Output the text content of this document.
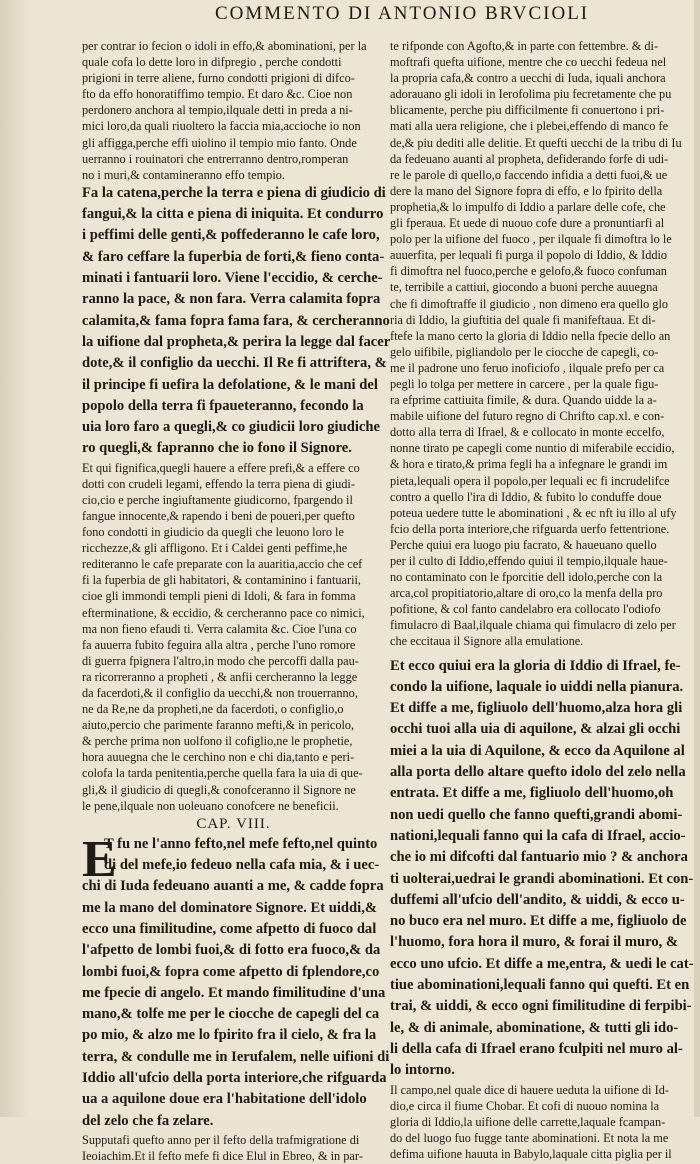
COMMENTO DI ANTONIO BRVCIOLI
per contrar io fecion o idoli in effo,& abominationi, per la
quale cofa lo dette loro in difpregio , perche condotti
prigioni in terre aliene, furno condotti prigioni di difco‑
fto da effo honoratiffimo tempio. Et daro &c. Cioe non
perdonero anchora al tempio,ilquale detti in preda a ni‑
mici loro,da quali riuoltero la faccia mia,accioche io non
gli affigga,perche effi uiolino il tempio mio fanto. Onde
uerranno i rouinatori che entrerranno dentro,romperan
no i muri,& contamineranno effo tempio.
Fa la catena,perche la terra e piena di giudicio di
fangui,& la citta e piena di iniquita. Et condurro
i peffimi delle genti,& poffederanno le cafe loro,
& faro ceffare la fuperbia de forti,& fieno conta‑
minati i fantuarii loro. Viene l'eccidio, & cerche‑
ranno la pace, & non fara. Verra calamita fopra
calamita,& fama fopra fama fara, & cercheranno
la uifione dal propheta,& perira la legge dal facer
dote,& il configlio da uecchi. Il Re fi attriftera, &
il principe fi uefira la defolatione, & le mani del
popolo della terra fi fpaueteranno, fecondo la
uia loro faro a quegli,& co giudicii loro giudiche
ro quegli,& fapranno che io fono il Signore.
Et qui fignifica,quegli hauere a effere prefi,& a effere co
dotti con crudeli legami, effendo la terra piena di giudi‑
cio,cio e perche ingiuftamente giudicorno, fpargendo il
fangue innocente,& rapendo i beni de poueri,per quefto
fono condotti in giudicio da quegli che leuono loro le
ricchezze,& gli affligono. Et i Caldei genti peffime,he
rediteranno le cafe preparate con la auaritia,accio che cef
fi la fuperbia de gli habitatori, & contaminino i fantuarii,
cioe gli immondi templi pieni di Idoli, & fara in fomma
efterminatione, & eccidio, & cercheranno pace co nimici,
ma non fieno efaudi ti. Verra calamita &c. Cioe l'una co
fa auuerra fubito feguira alla altra , perche l'uno romore
di guerra fpignera l'altro,in modo che percoffi dalla pau‑
ra ricorreranno a propheti , & anfii cercheranno la legge
da facerdoti,& il configlio da uecchi,& non trouerranno,
ne da Re,ne da propheti,ne da facerdoti, o configlio,o
aiuto,percio che parimente faranno mefti,& in pericolo,
& perche prima non uolfono il cofiglio,ne le prophetie,
hora auuegna che le cerchino non e chi dia,tanto e peri‑
colofa la tarda penitentia,perche quella fara la uia di que‑
gli,& il giudicio di quegli,& conofceranno il Signore ne
le pene,ilquale non uoleuano conofcere ne beneficii.
CAP. VIII.
E
T fu ne l'anno fefto,nel mefe fefto,nel quinto
di del mefe,io fedeuo nella cafa mia, & i uec‑
chi di Iuda fedeuano auanti a me, & cadde fopra
me la mano del dominatore Signore. Et uiddi,&
ecco una fimilitudine, come afpetto di fuoco dal
l'afpetto de lombi fuoi,& di fotto era fuoco,& da
lombi fuoi,& fopra come afpetto di fplendore,co
me fpecie di angelo. Et mando fimilitudine d'una
mano,& tolfe me per le ciocche de capegli del ca
po mio, & alzo me lo fpirito fra il cielo, & fra la
terra, & condulle me in Ierufalem, nelle uifioni di
Iddio all'ufcio della porta interiore,che rifguarda
ua a aquilone doue era l'habitatione dell'idolo
del zelo che fa zelare.
Supputafi quefto anno per il fefto della trafmigratione di
Ieoiachim.Et il fefto mefe fi dice Elul in Ebreo, & in par‑
te rifponde con Agofto,& in parte con fettembre. & di‑
moftrafi quefta uifione, mentre che co uecchi fedeua nel
la propria cafa,& contro a uecchi di Iuda, iquali anchora
adorauano gli idoli in Ierofolima piu fecretamente che pu
blicamente, perche piu difficilmente fi conuertono i pri‑
mati alla uera religione, che i plebei,effendo di manco fe
de,& piu dediti alle delitie. Et quefti uecchi de la tribu di Iu
da fedeuano auanti al propheta, defiderando forfe di udi‑
re le parole di quello,o faccendo infidia a detti fuoi,& ue
dere la mano del Signore fopra di effo, e lo fpirito della
prophetia,& lo impulfo di Iddio a parlare delle cofe, che
gli fperaua. Et uede di nuouo cofe dure a pronuntiarfi al
polo per la uifione del fuoco , per ilquale fi dimoftra lo le
auuerfita, per lequali fi purga il popolo di Iddio, & Iddio
fi dimoftra nel fuoco,perche e gelofo,& fuoco confuman
te, terribile a cattiui, giocondo a buoni perche auuegna
che fi dimoftraffe il giudicio , non dimeno era quello glo
ria di Iddio, la giuftitia del quale fi manifeftaua. Et di‑
ftefe la mano certo la gloria di Iddio nella fpecie dello an
gelo uifibile, pigliandolo per le ciocche de capegli, co‑
me il padrone uno feruo inoficiofo , ilquale prefo per ca
pegli lo tolga per mettere in carcere , per la quale figu‑
ra efprime cattiuita fimile, & dura. Quando uidde la a‑
mabile uifione del futuro regno di Chrifto cap.xl. e con‑
dotto alla terra di Ifrael, & e collocato in monte eccelfo,
nonne tirato pe capegli come nuntio di miferabile eccidio,
& hora e tirato,& prima fegli ha a infegnare le grandi im
pieta,lequali opera il popolo,per lequali ec fi incrudelifce
contro a quello l'ira di Iddio, & fubito lo conduffe doue
poteua uedere tutte le abominationi , & ec nft iu illo al ufy
fcio della porta interiore,che rifguarda uerfo fettentrione.
Perche quiui era luogo piu facrato, & haueuano quello
per il culto di Iddio,effendo quiui il tempio,ilquale haue‑
no contaminato con le fporcitie dell idolo,perche con la
arca,col propitiatorio,altare di oro,co la menfa della pro
pofitione, & col fanto candelabro era collocato l'odiofo
fimulacro di Baal,ilquale chiama qui fimulacro di zelo per
che eccitaua il Signore alla emulatione.
Et ecco quiui era la gloria di Iddio di Ifrael, fe‑
condo la uifione, laquale io uiddi nella pianura.
Et diffe a me, figliuolo dell'huomo,alza hora gli
occhi tuoi alla uia di aquilone, & alzai gli occhi
miei a la uia di Aquilone, & ecco da Aquilone al
alla porta dello altare quefto idolo del zelo nella
entrata. Et diffe a me, figliuolo dell'huomo,oh
non uedi quello che fanno quefti,grandi abomi‑
nationi,lequali fanno qui la cafa di Ifrael, accio‑
che io mi difcofti dal fantuario mio ? & anchora
ti uolterai,uedrai le grandi abominationi. Et con‑
duffemi all'ufcio dell'andito, & uiddi, & ecco u‑
no buco era nel muro. Et diffe a me, figliuolo de
l'huomo, fora hora il muro, & forai il muro, &
ecco uno ufcio. Et diffe a me,entra, & uedi le cat‑
tiue abominationi,lequali fanno qui quefti. Et en
trai, & uiddi, & ecco ogni fimilitudine di ferpibi‑
le, & di animale, abominatione, & tutti gli ido‑
li della cafa di Ifrael erano fculpiti nel muro al‑
lo intorno.
Il campo,nel quale dice di hauere ueduta la uifione di Id‑
dio,e circa il fiume Chobar. Et cofi di nuouo nomina la
gloria di Iddio,la uifione delle carrette,laquale fcampan‑
do del luogo fuo fugge tante abominationi. Et nota la me
defima uifione hauuta in Babylo,laquale citta piglia per il
